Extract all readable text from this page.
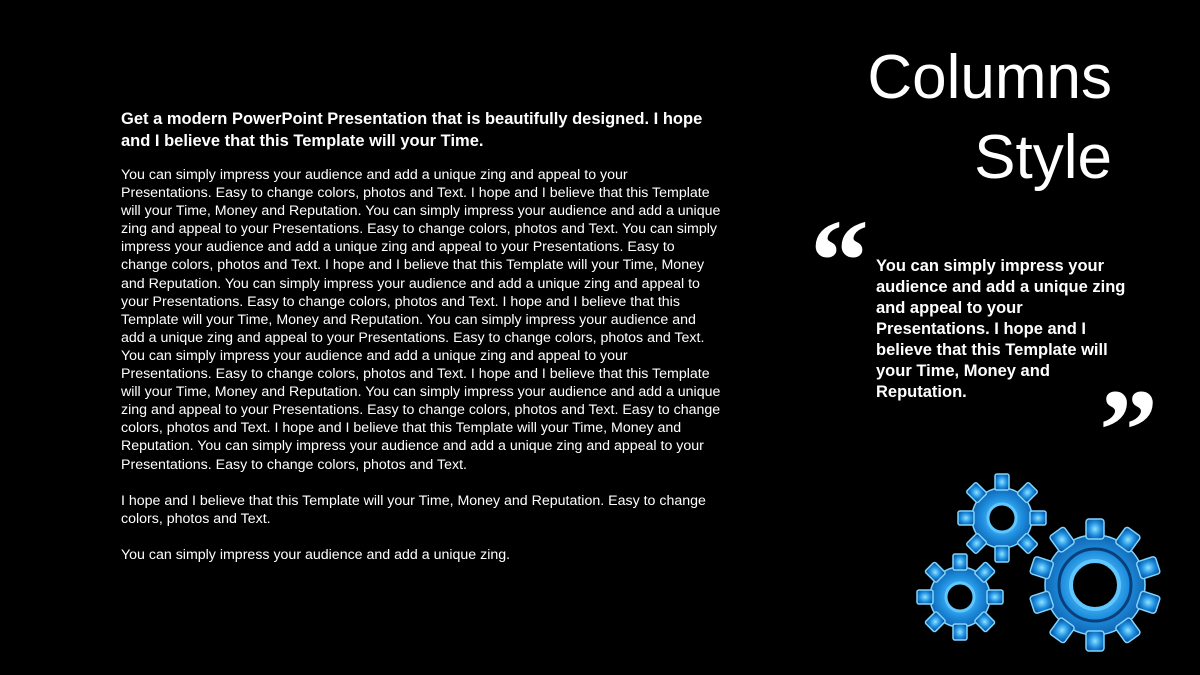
Columns
Style

Get a modern PowerPoint Presentation that is beautifully designed. I hope and I believe that this Template will your Time.

You can simply impress your audience and add a unique zing and appeal to your Presentations. Easy to change colors, photos and Text. I hope and I believe that this Template will your Time, Money and Reputation. You can simply impress your audience and add a unique zing and appeal to your Presentations. Easy to change colors, photos and Text. You can simply impress your audience and add a unique zing and appeal to your Presentations. Easy to change colors, photos and Text. I hope and I believe that this Template will your Time, Money and Reputation. You can simply impress your audience and add a unique zing and appeal to your Presentations. Easy to change colors, photos and Text. I hope and I believe that this Template will your Time, Money and Reputation. You can simply impress your audience and add a unique zing and appeal to your Presentations. Easy to change colors, photos and Text. You can simply impress your audience and add a unique zing and appeal to your Presentations. Easy to change colors, photos and Text. I hope and I believe that this Template will your Time, Money and Reputation. You can simply impress your audience and add a unique zing and appeal to your Presentations. Easy to change colors, photos and Text. Easy to change colors, photos and Text. I hope and I believe that this Template will your Time, Money and Reputation. You can simply impress your audience and add a unique zing and appeal to your Presentations. Easy to change colors, photos and Text.

I hope and I believe that this Template will your Time, Money and Reputation. Easy to change colors, photos and Text.

You can simply impress your audience and add a unique zing.

“ You can simply impress your audience and add a unique zing and appeal to your Presentations. I hope and I believe that this Template will your Time, Money and Reputation.	”
